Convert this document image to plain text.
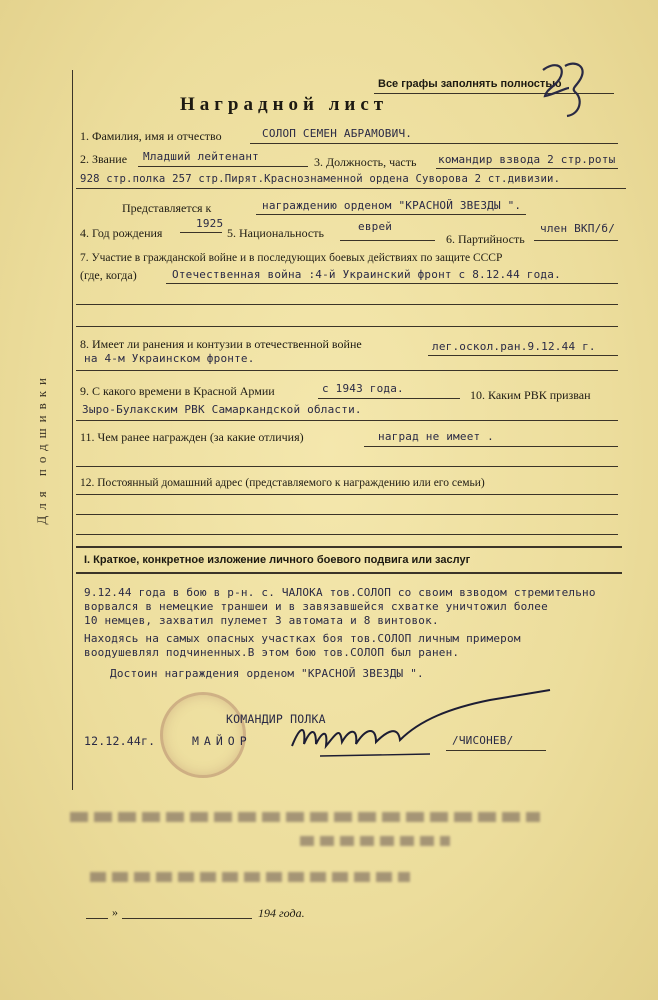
Для подшивки
Все графы заполнять полностью
Наградной лист
1. Фамилия, имя и отчество	СОЛОП СЕМЕН АБРАМОВИЧ.
2. Звание Младший лейтенант	3. Должность, часть командир взвода 2 стр.роты
928 стр.полка 257 стр.Пирят.Краснознаменной ордена Суворова 2 ст.дивизии.
Представляется к	награждению орденом "КРАСНОЙ ЗВЕЗДЫ ".
4. Год рождения
1925
5. Национальность	еврей
6. Партийность
член ВКП/б/
7. Участие в гражданской войне и в последующих боевых действиях по защите СССР
(где, когда)	Отечественная война :4-й Украинский фронт с 8.12.44 года.
8. Имеет ли ранения и контузии в отечественной войне	лег.оскол.ран.9.12.44 г.
на 4-м Украинском фронте.
9. С какого времени в Красной Армии	с 1943 года.	10. Каким РВК призван
Зыро-Булакским РВК Самаркандской области.
11. Чем ранее награжден (за какие отличия)	наград не имеет .
12. Постоянный домашний адрес (представляемого к награждению или его семьи)
I. Краткое, конкретное изложение личного боевого подвига или заслуг
9.12.44 года в бою в р-н. с. ЧАЛОКА тов.СОЛОП со своим взводом стремительно
ворвался в немецкие траншеи и в завязавшейся схватке уничтожил более
10 немцев, захватил пулемет 3 автомата и 8 винтовок.
Находясь на самых опасных участках боя тов.СОЛОП личным примером
воодушевлял подчиненных.В этом бою тов.СОЛОП был ранен.
Достоин награждения орденом "КРАСНОЙ ЗВЕЗДЫ ".
КОМАНДИР ПОЛКА
12.12.44г.	МАЙОР	/ЧИСОНЕВ/
»	194 года.
